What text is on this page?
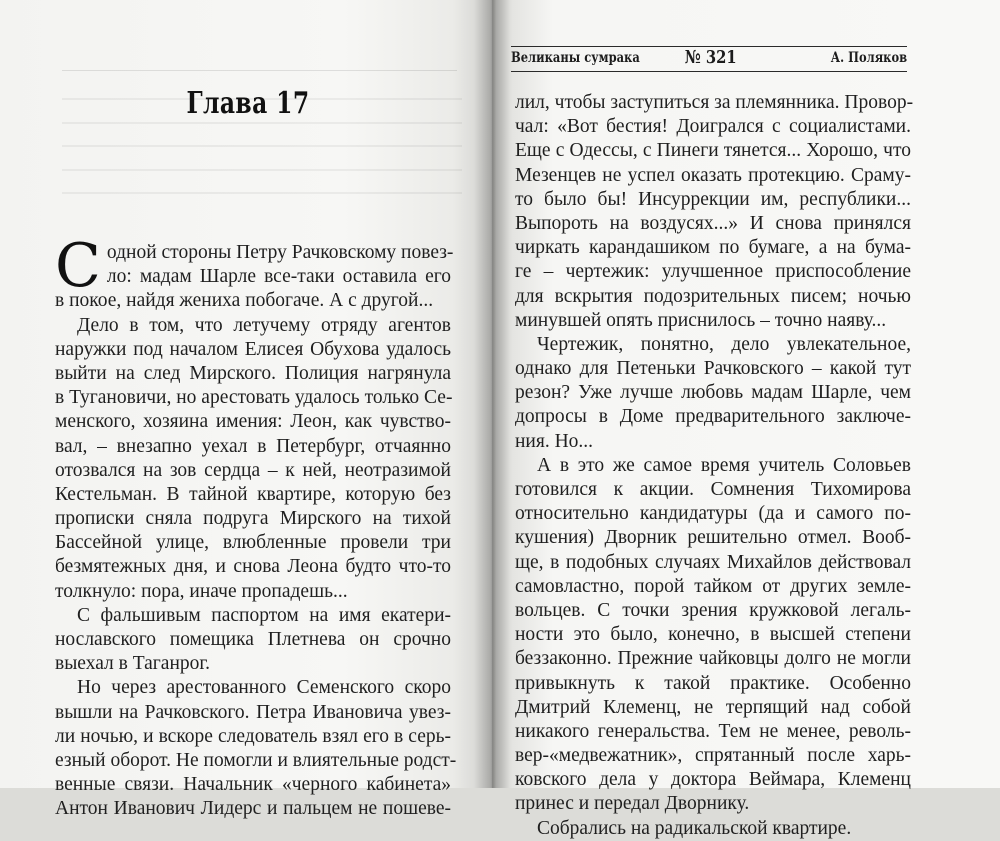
Глава 17
С одной стороны Петру Рачковскому повез-
ло: мадам Шарле все-таки оставила его
в покое, найдя жениха побогаче. А с другой...
Дело в том, что летучему отряду агентов
наружки под началом Елисея Обухова удалось
выйти на след Мирского. Полиция нагрянула
в Тугановичи, но арестовать удалось только Се-
менского, хозяина имения: Леон, как чувство-
вал, – внезапно уехал в Петербург, отчаянно
отозвался на зов сердца – к ней, неотразимой
Кестельман. В тайной квартире, которую без
прописки сняла подруга Мирского на тихой
Бассейной улице, влюбленные провели три
безмятежных дня, и снова Леона будто что-то
толкнуло: пора, иначе пропадешь...
С фальшивым паспортом на имя екатери-
нославского помещика Плетнева он срочно
выехал в Таганрог.
Но через арестованного Семенского скоро
вышли на Рачковского. Петра Ивановича увез-
ли ночью, и вскоре следователь взял его в серь-
езный оборот. Не помогли и влиятельные родст-
венные связи. Начальник «черного кабинета»
Антон Иванович Лидерс и пальцем не пошеве-
Великаны сумрака № 321	А. Поляков
лил, чтобы заступиться за племянника. Провор-
чал: «Вот бестия! Доигрался с социалистами.
Еще с Одессы, с Пинеги тянется... Хорошо, что
Мезенцев не успел оказать протекцию. Сраму-
то было бы! Инсуррекции им, республики...
Выпороть на воздусях...» И снова принялся
чиркать карандашиком по бумаге, а на бума-
ге – чертежик: улучшенное приспособление
для вскрытия подозрительных писем; ночью
минувшей опять приснилось – точно наяву...
Чертежик, понятно, дело увлекательное,
однако для Петеньки Рачковского – какой тут
резон? Уже лучше любовь мадам Шарле, чем
допросы в Доме предварительного заключе-
ния. Но...
А в это же самое время учитель Соловьев
готовился к акции. Сомнения Тихомирова
относительно кандидатуры (да и самого по-
кушения) Дворник решительно отмел. Вооб-
ще, в подобных случаях Михайлов действовал
самовластно, порой тайком от других земле-
вольцев. С точки зрения кружковой легаль-
ности это было, конечно, в высшей степени
беззаконно. Прежние чайковцы долго не могли
привыкнуть к такой практике. Особенно
Дмитрий Клеменц, не терпящий над собой
никакого генеральства. Тем не менее, револь-
вер-«медвежатник», спрятанный после харь-
ковского дела у доктора Веймара, Клеменц
принес и передал Дворнику.
Собрались на радикальской квартире.
